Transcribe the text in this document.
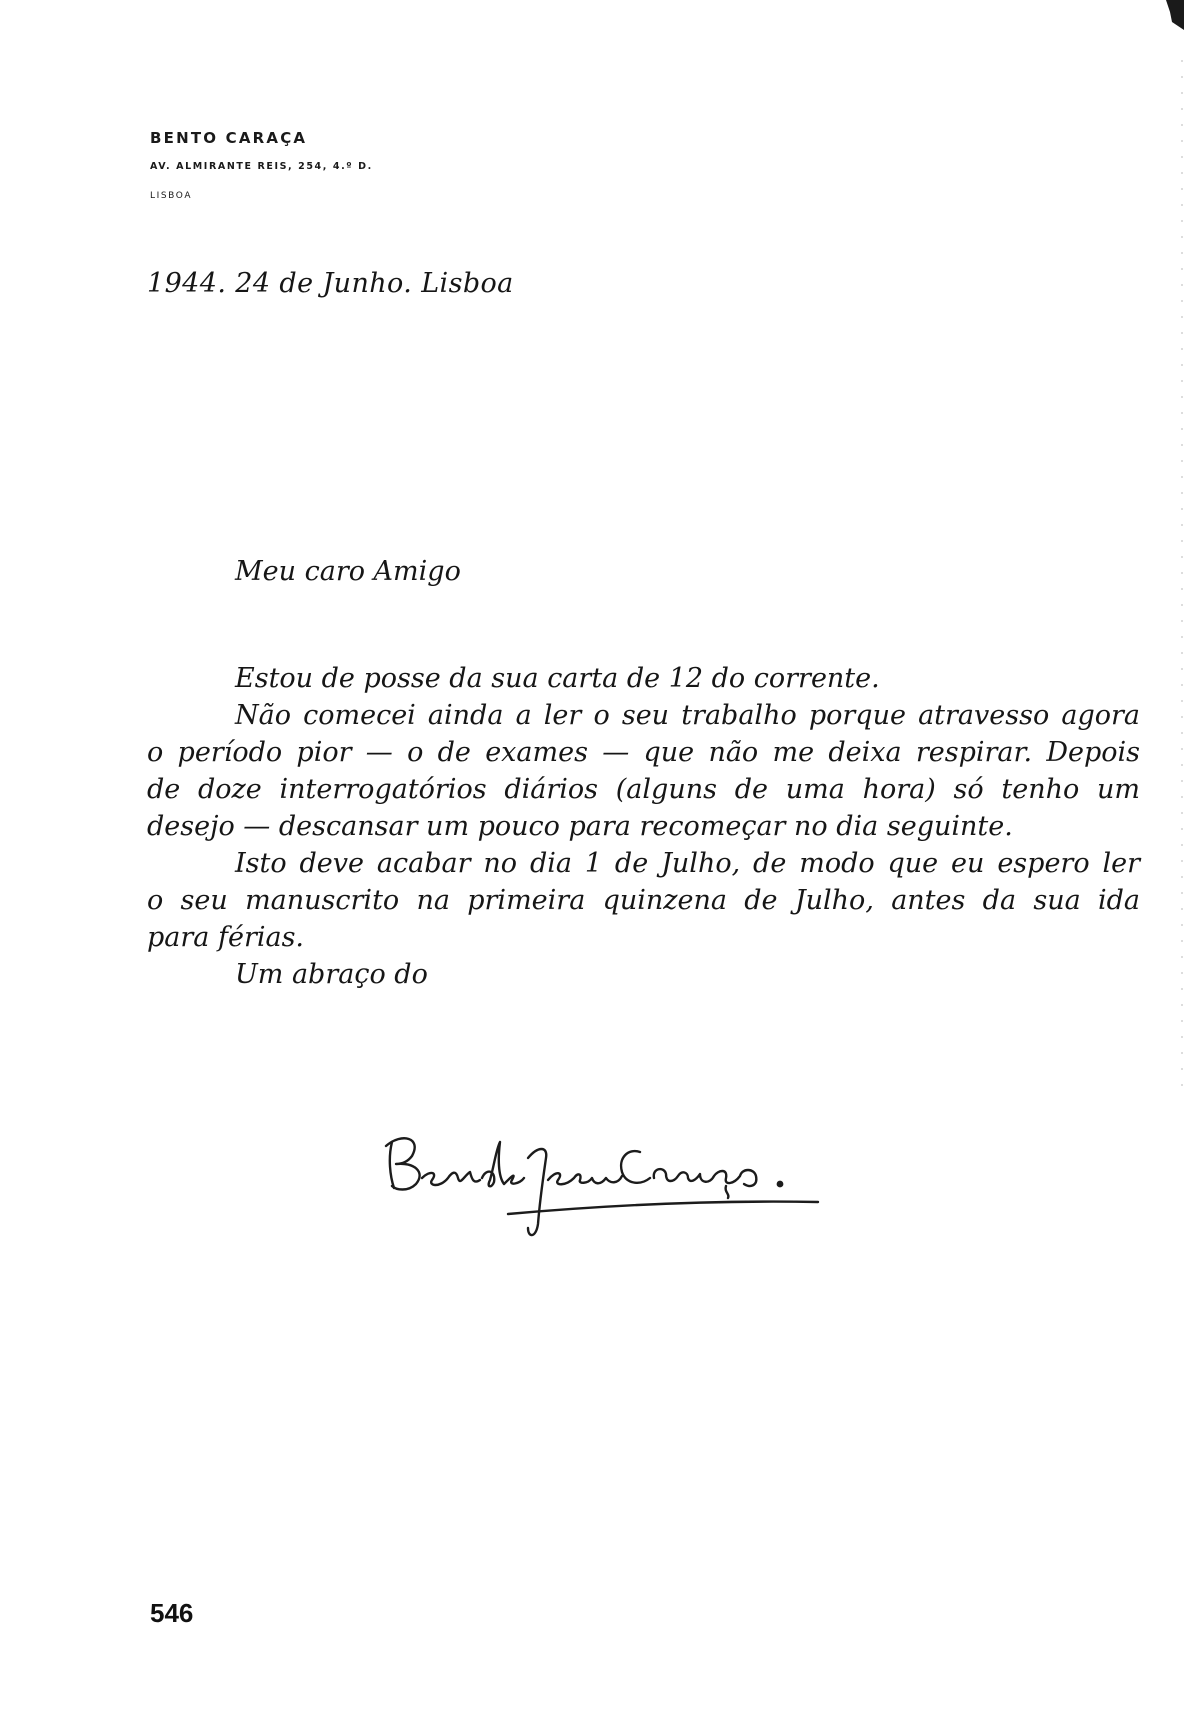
BENTO CARAÇA
AV. ALMIRANTE REIS, 254, 4.º D.
LISBOA
1944. 24 de Junho. Lisboa
Meu caro Amigo
Estou de posse da sua carta de 12 do corrente.
Não comecei ainda a ler o seu trabalho porque atravesso agora
o período pior — o de exames — que não me deixa respirar. Depois
de doze interrogatórios diários (alguns de uma hora) só tenho um
desejo — descansar um pouco para recomeçar no dia seguinte.
Isto deve acabar no dia 1 de Julho, de modo que eu espero ler
o seu manuscrito na primeira quinzena de Julho, antes da sua ida
para férias.
Um abraço do
546
